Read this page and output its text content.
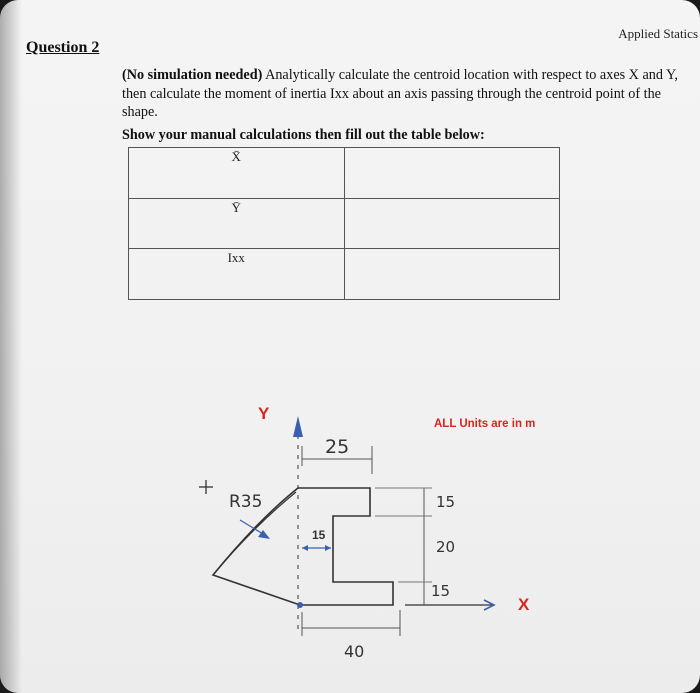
Applied Statics
Question 2
(No simulation needed) Analytically calculate the centroid location with respect to axes X and Y, then calculate the moment of inertia Ixx about an axis passing through the centroid point of the shape.
Show your manual calculations then fill out the table below:
X̄	
Ȳ	
Ixx	
ALL Units are in m
Y
X
25
R35
15
15
20
15
40
